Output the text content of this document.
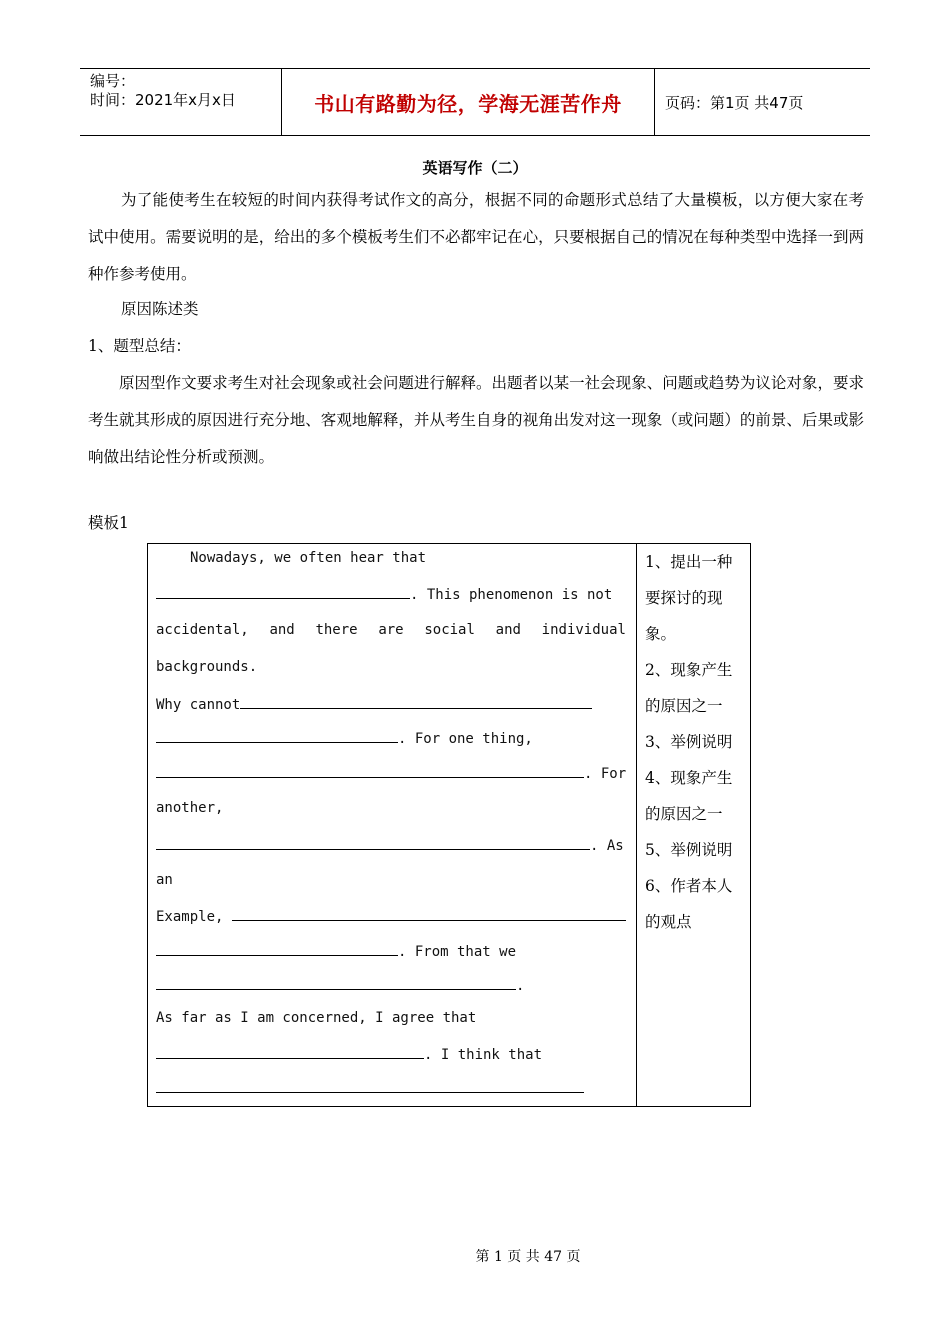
编号：
时间：2021年x月x日	书山有路勤为径，学海无涯苦作舟	页码：第1页 共47页
英语写作（二）
为了能使考生在较短的时间内获得考试作文的高分，根据不同的命题形式总结了大量模板，以方便大家在考试中使用。需要说明的是，给出的多个模板考生们不必都牢记在心，只要根据自己的情况在每种类型中选择一到两种作参考使用。
原因陈述类
1、题型总结：
原因型作文要求考生对社会现象或社会问题进行解释。出题者以某一社会现象、问题或趋势为议论对象，要求考生就其形成的原因进行充分地、客观地解释，并从考生自身的视角出发对这一现象（或问题）的前景、后果或影响做出结论性分析或预测。
模板1
Nowadays, we often hear that
. This phenomenon is not
accidental, and there are social and individual
backgrounds.
Why cannot
. For one thing,
. For
another,
. As
an
Example,
. From that we
.
As far as I am concerned, I agree that
. I think that
1、提出一种
要探讨的现
象。
2、现象产生
的原因之一
3、举例说明
4、现象产生
的原因之一
5、举例说明
6、作者本人
的观点
第 1 页 共 47 页
